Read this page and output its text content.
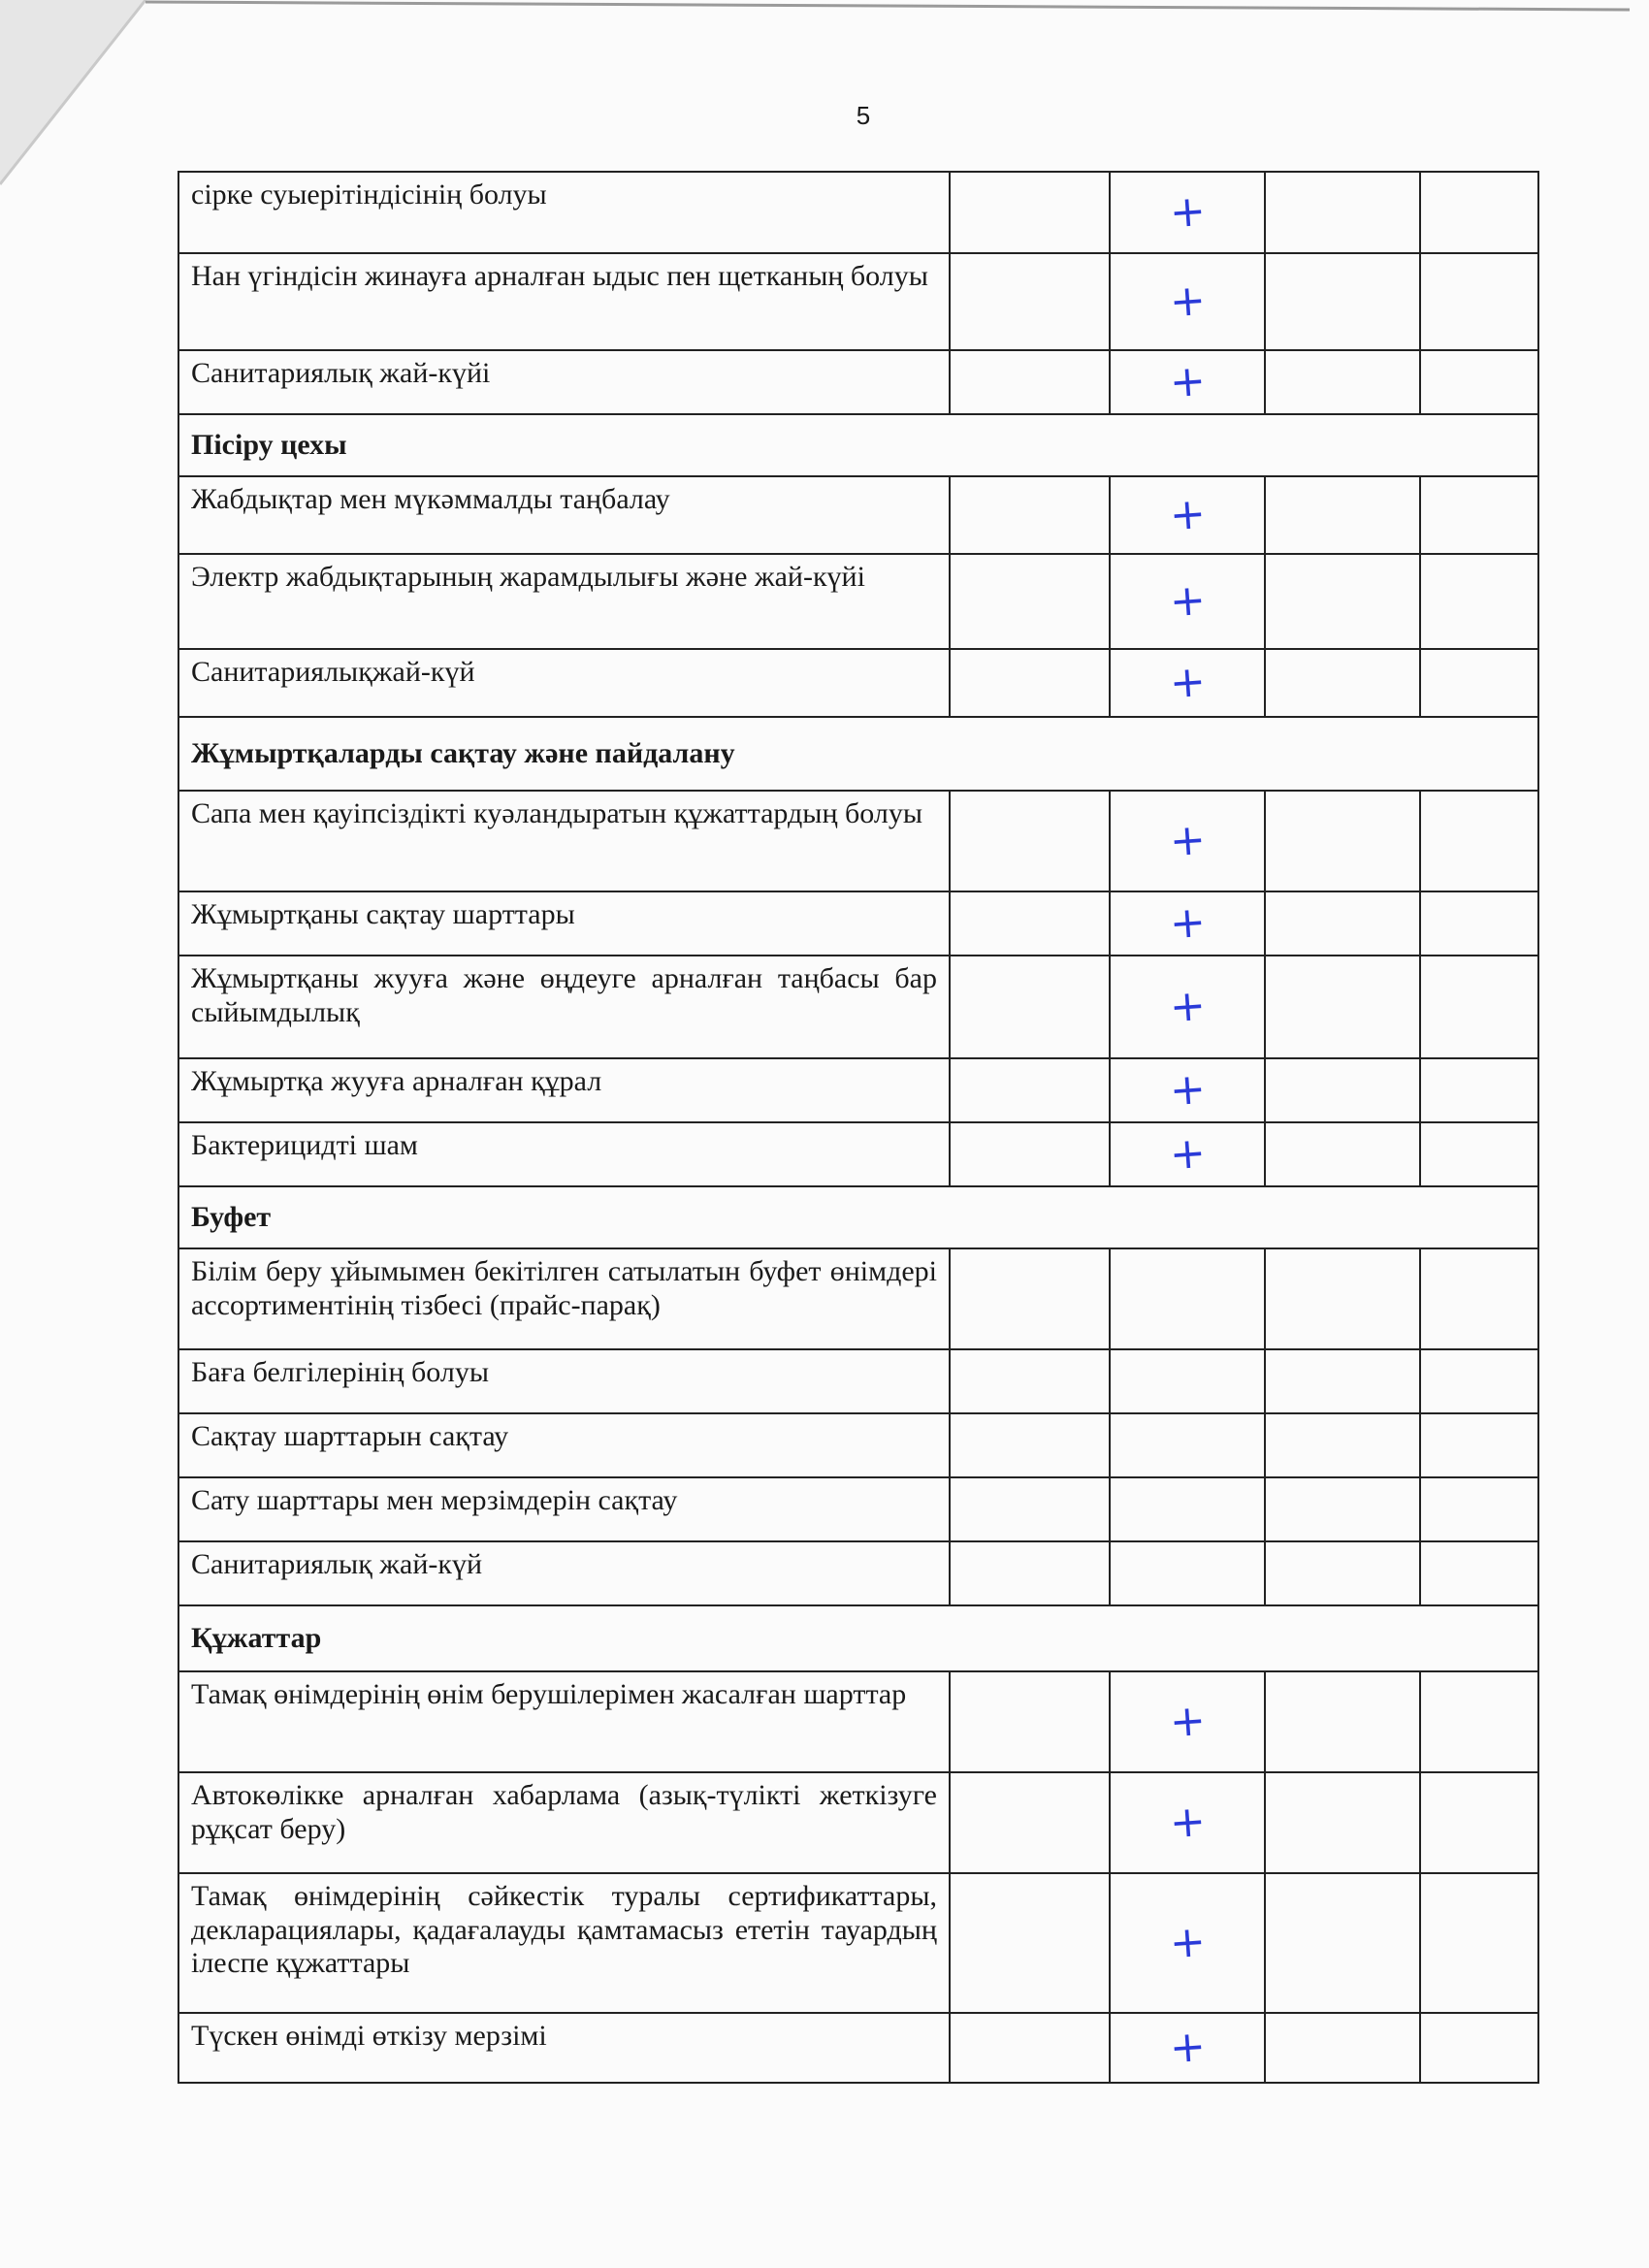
5
сірке суыерітіндісінің болуы		+		
Нан үгіндісін жинауға арналған ыдыс пен щетканың болуы		+		
Санитариялық жай-күйі		+		
Пісіру цехы				
Жабдықтар мен мүкәммалды таңбалау		+		
Электр жабдықтарының жарамдылығы және жай-күйі		+		
Санитариялықжай-күй		+		
Жұмыртқаларды сақтау және пайдалану				
Сапа мен қауіпсіздікті куәландыратын құжаттардың болуы		+		
Жұмыртқаны сақтау шарттары		+		
Жұмыртқаны жууға және өңдеуге арналған таңбасы бар сыйымдылық		+		
Жұмыртқа жууға арналған құрал		+		
Бактерицидті шам		+		
Буфет				
Білім беру ұйымымен бекітілген сатылатын буфет өнімдері ассортиментінің тізбесі (прайс-парақ)				
Баға белгілерінің болуы				
Сақтау шарттарын сақтау				
Сату шарттары мен мерзімдерін сақтау				
Санитариялық жай-күй				
Құжаттар				
Тамақ өнімдерінің өнім берушілерімен жасалған шарттар		+		
Автокөлікке арналған хабарлама (азық-түлікті жеткізуге рұқсат беру)		+		
Тамақ өнімдерінің сәйкестік туралы сертификаттары, декларациялары, қадағалауды қамтамасыз ететін тауардың ілеспе құжаттары		+		
Түскен өнімді өткізу мерзімі		+		
